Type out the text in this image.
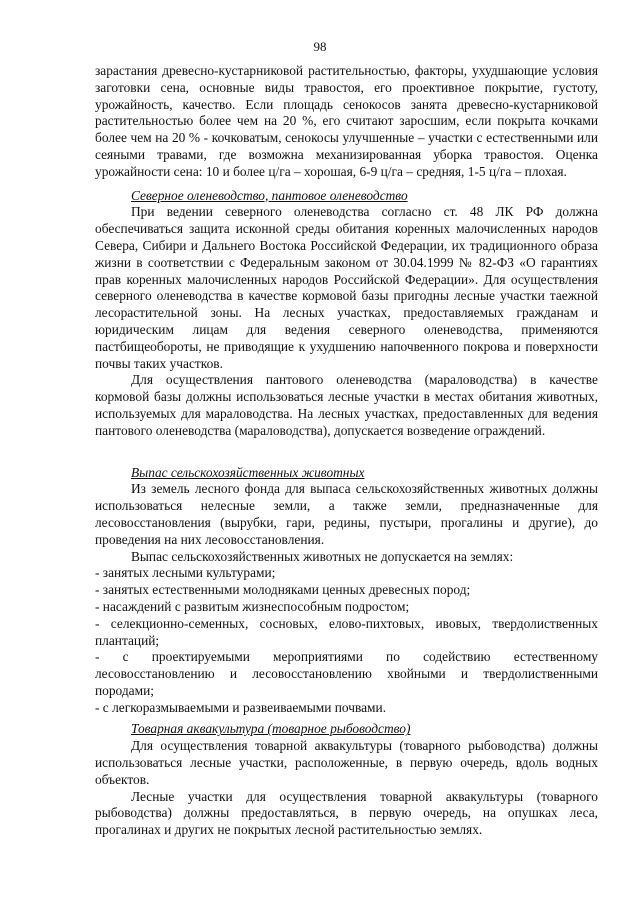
98

зарастания древесно-кустарниковой растительностью, факторы, ухудшающие условия заготовки сена, основные виды травостоя, его проективное покрытие, густоту, урожайность, качество. Если площадь сенокосов занята древесно-кустарниковой растительностью более чем на 20 %, его считают заросшим, если покрыта кочками более чем на 20 % - кочковатым, сенокосы улучшенные – участки с естественными или сеяными травами, где возможна механизированная уборка травостоя. Оценка урожайности сена: 10 и более ц/га – хорошая, 6-9 ц/га – средняя, 1-5 ц/га – плохая.

Северное оленеводство, пантовое оленеводство

При ведении северного оленеводства согласно ст. 48 ЛК РФ должна обеспечиваться защита исконной среды обитания коренных малочисленных народов Севера, Сибири и Дальнего Востока Российской Федерации, их традиционного образа жизни в соответствии с Федеральным законом от 30.04.1999 № 82-ФЗ «О гарантиях прав коренных малочисленных народов Российской Федерации». Для осуществления северного оленеводства в качестве кормовой базы пригодны лесные участки таежной лесорастительной зоны. На лесных участках, предоставляемых гражданам и юридическим лицам для ведения северного оленеводства, применяются пастбищеобороты, не приводящие к ухудшению напочвенного покрова и поверхности почвы таких участков.

Для осуществления пантового оленеводства (мараловодства) в качестве кормовой базы должны использоваться лесные участки в местах обитания животных, используемых для мараловодства. На лесных участках, предоставленных для ведения пантового оленеводства (мараловодства), допускается возведение ограждений.

Выпас сельскохозяйственных животных

Из земель лесного фонда для выпаса сельскохозяйственных животных должны использоваться нелесные земли, а также земли, предназначенные для лесовосстановления (вырубки, гари, редины, пустыри, прогалины и другие), до проведения на них лесовосстановления.

Выпас сельскохозяйственных животных не допускается на землях:

- занятых лесными культурами;

- занятых естественными молодняками ценных древесных пород;

- насаждений с развитым жизнеспособным подростом;

- селекционно-семенных, сосновых, елово-пихтовых, ивовых, твердолиственных плантаций;

- с проектируемыми мероприятиями по содействию естественному лесовосстановлению и лесовосстановлению хвойными и твердолиственными породами;

- с легкоразмываемыми и развеиваемыми почвами.

Товарная аквакультура (товарное рыбоводство)

Для осуществления товарной аквакультуры (товарного рыбоводства) должны использоваться лесные участки, расположенные, в первую очередь, вдоль водных объектов.

Лесные участки для осуществления товарной аквакультуры (товарного рыбоводства) должны предоставляться, в первую очередь, на опушках леса, прогалинах и других не покрытых лесной растительностью землях.
